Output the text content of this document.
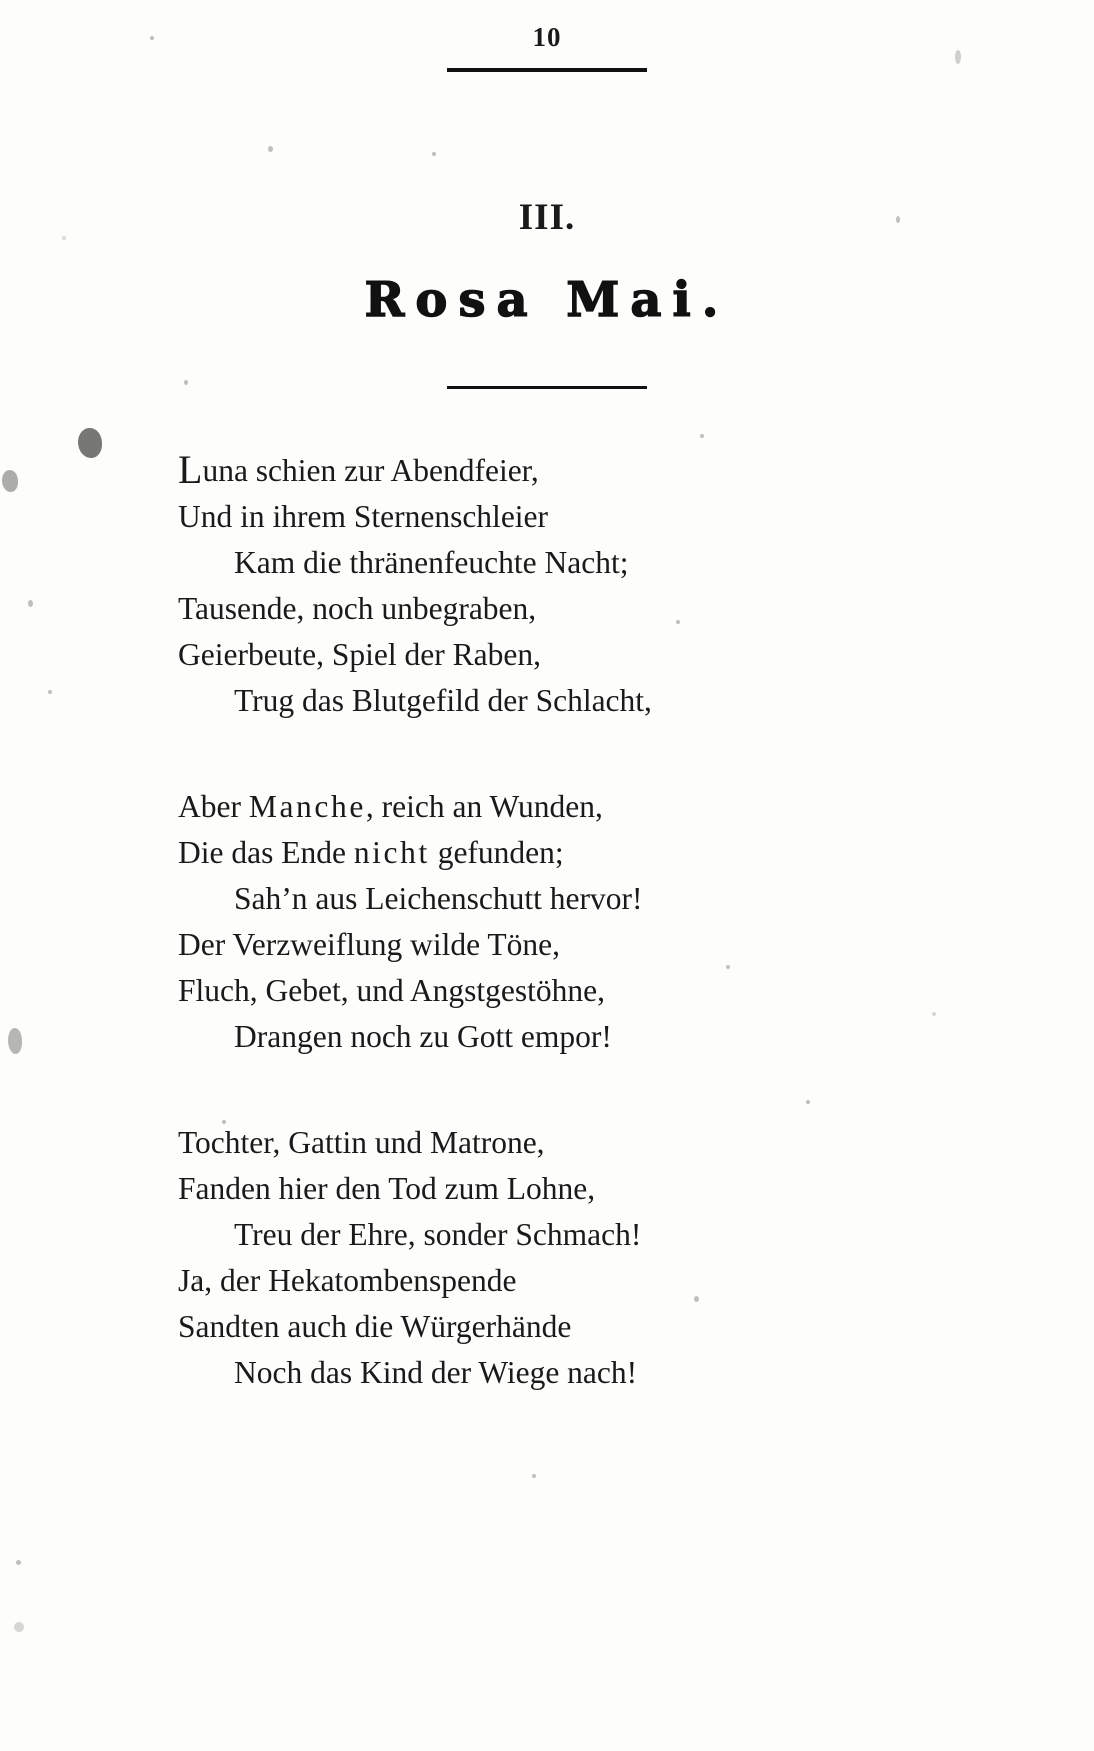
10
III.
Rosa Mai.
Luna schien zur Abendfeier,
Und in ihrem Sternenschleier
Kam die thränenfeuchte Nacht;
Tausende, noch unbegraben,
Geierbeute, Spiel der Raben,
Trug das Blutgefild der Schlacht,
Aber Manche, reich an Wunden,
Die das Ende nicht gefunden;
Sah’n aus Leichenschutt hervor!
Der Verzweiflung wilde Töne,
Fluch, Gebet, und Angstgestöhne,
Drangen noch zu Gott empor!
Tochter, Gattin und Matrone,
Fanden hier den Tod zum Lohne,
Treu der Ehre, sonder Schmach!
Ja, der Hekatombenspende
Sandten auch die Würgerhände
Noch das Kind der Wiege nach!
